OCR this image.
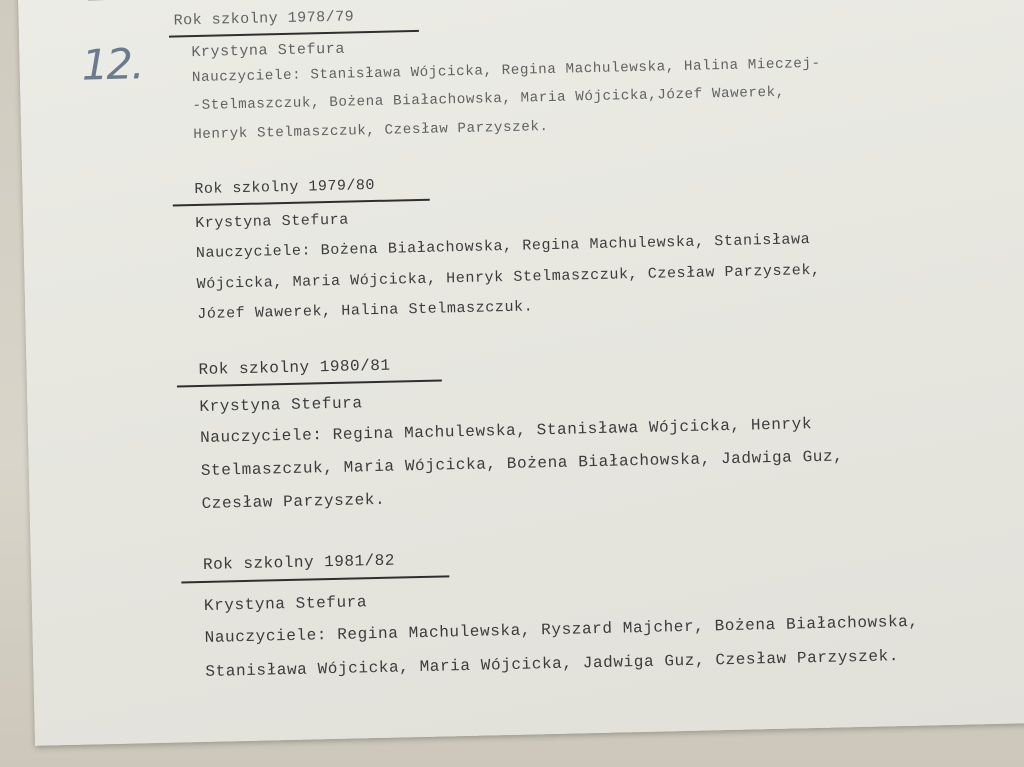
12.
Rok szkolny 1978/79
Krystyna Stefura
Nauczyciele: Stanisława Wójcicka, Regina Machulewska, Halina Mieczej-
-Stelmaszczuk, Bożena Białachowska, Maria Wójcicka,Józef Wawerek,
Henryk Stelmaszczuk, Czesław Parzyszek.
Rok szkolny 1979/80
Krystyna Stefura
Nauczyciele: Bożena Białachowska, Regina Machulewska, Stanisława
Wójcicka, Maria Wójcicka, Henryk Stelmaszczuk, Czesław Parzyszek,
Józef Wawerek, Halina Stelmaszczuk.
Rok szkolny 1980/81
Krystyna Stefura
Nauczyciele: Regina Machulewska, Stanisława Wójcicka, Henryk
Stelmaszczuk, Maria Wójcicka, Bożena Białachowska, Jadwiga Guz,
Czesław Parzyszek.
Rok szkolny 1981/82
Krystyna Stefura
Nauczyciele: Regina Machulewska, Ryszard Majcher, Bożena Białachowska,
Stanisława Wójcicka, Maria Wójcicka, Jadwiga Guz, Czesław Parzyszek.
